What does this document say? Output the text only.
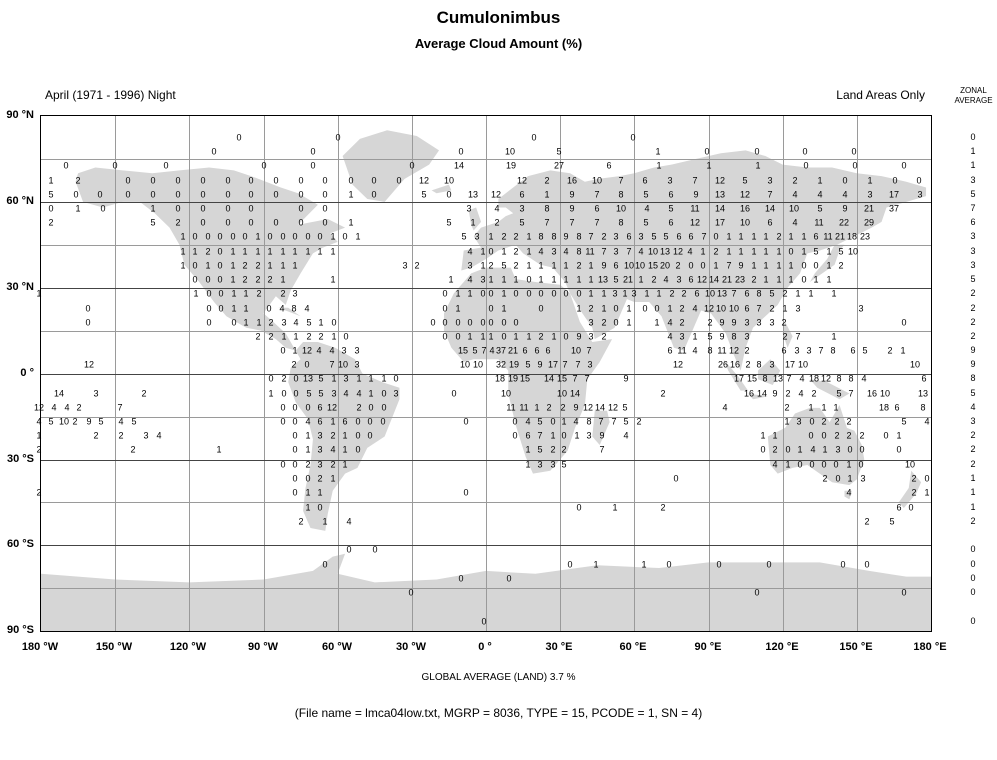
Cumulonimbus
Average Cloud Amount (%)
April (1971 - 1996) Night	Land Areas Only	ZONAL
AVERAGE
0	0	0	0
0	0	0	10	5	1	0	0	0	0
0	0	0	0	0	0	14	19	27	6	1	1	1	0	0	0
1 2	0 0 0 0 0 0 0 0 0 0 0 0 12 10	12 2 16 10 7 6 3 7 12 5 3 2 1 0 1 0 0
5 0 0	0 0 0 0 0 0 0 0 0 1 0	5 0 13 12 6 1 9 7 8 5 6 9 13 12 7 4 4 4 3 17 3
0 1 0	1 0 0 0 0	0 0	3	4 3 8 9 6 10 4 5 11 14 16 14 10 5 9 21 37
2	5 2 0 0 0 0 0 0 1	5 1 2 5 7 7 7 8 5 6 12 17 10 6 4 11 22 29
1 0 0 0 0 0 1 0 0 0 0 0 1 0 1	5 3 1 2 2 1 8 8 9 8 7 2 3 6 3 5 5 6 6 7 0 1 1 1 1 2 1 1 6 11 21 18 23
1 1 2 0 1 1 1 1 1 1 1 1 1	4 1 0 1 2 1 4 3 4 8 11 7 3 7 4 10 13 12 4 1 2 1 1 1 1 1 0 1 5 1 5 10
1 0 1 0 1 2 2 1 1 1	3 2	3 1 2 5 2 1 1 1 1 2 1 9 6 10 10 15 20 2 0 0 1 7 9 1 1 1 1 0 0 1 2
0 0 0 1 2 2 2 1	1	1 4 3 1 1 1 0 1 1 1 1 1 13 5 21 1 2 4 3 6 12 14 21 23 2 1 1 1 0 1 1
1	1 0 0 1 1 2 2 3	0 1 1 0 0 1 0 0 0 0 0 0 1 1 3 1 3 1 1 2 2 6 10 13 7 6 8 5 2 1 1 1
0	0 0 1 1 0 4 8 4	0 1	0 1	0	1 2 1 0 1 0 0 1 2 4 12 10 10 6 7 2 1 3	3
0	0 0 1 1 2 3 4 5 1 0	0 0 0 0 0 0 0 0	3 2 0 1	1 4 2	2 9 9 3 3 3 2	0
2 2 1 1 2 2 1 0	0 0 1 1 1 0 1 1 2 1 0 9 3 2	4 3 1 5 9 8 3	2 7	1
0 1 12 4 4 3 3	15 5 7 4 37 21 6 6 6 10 7	6 11 4 8 11 12 2	6 3 3 7 8 6 5 2 1
12	2 0 7 10 3	10 10 32 19 5 9 17 7 7 3	12	26 16 2 8 3 17 10	10
0 2 0 13 5 1 3 1 1 1 0	18 19 15 14 15 7 7	9	17 15 8 13 7 4 18 12 8 8 4	6
14	3	2	1 0 0 5 5 3 4 4 1 0 3	0	10	10 14	2	16 14 9 2 4 2 5 7 16 10	13
12 4 4 2	7	0 0 0 6 12 2 0 0	11 11 1 2 2 9 12 14 12 5	4	2 1 1 1	18 6 8
4 5 10 2 9 5 4 5	0 0 4 6 1 6 0 0 0	0	0 4 5 0 1 4 8 7 7 5 2	1 3 0 2 2 2	5 4
1	2 2 3 4	0 1 3 2 1 0 0	0 6 7 1 0 1 3 9 4	1 1	0 0 2 2 2 0 1
2	2	1	0 1 3 4 1 0	1 5 2 2	7	0 2 0 1 4 1 3 0 0	0
0 0 2 3 2 1	1 3 3 5	4 1 0 0 0 0 1 0	10
0 0 2 1	0	2 0 1 3	2 0
2	0 1 1	0	4	2 1
1 0	0	1	2	6 0
2 1 4	2 5
0 0
0	0 1	1 0	0	0	0 0
0	0
0	0	0
0
GLOBAL AVERAGE (LAND) 3.7 %
(File name = lmca04low.txt, MGRP = 8036, TYPE = 15, PCODE = 1, SN = 4)
0
1
1
3
5
7
6
3
3
3
5
2
2
2
2
9
9
8
5
4
3
2
2
2
1
1
1
2
0
0
0
0
0
90 °N
60 °N
30 °N
0 °
30 °S
60 °S
90 °S
180 °W	150 °W	120 °W	90 °W	60 °W	30 °W	0 °	30 °E	60 °E	90 °E	120 °E	150 °E	180 °E
